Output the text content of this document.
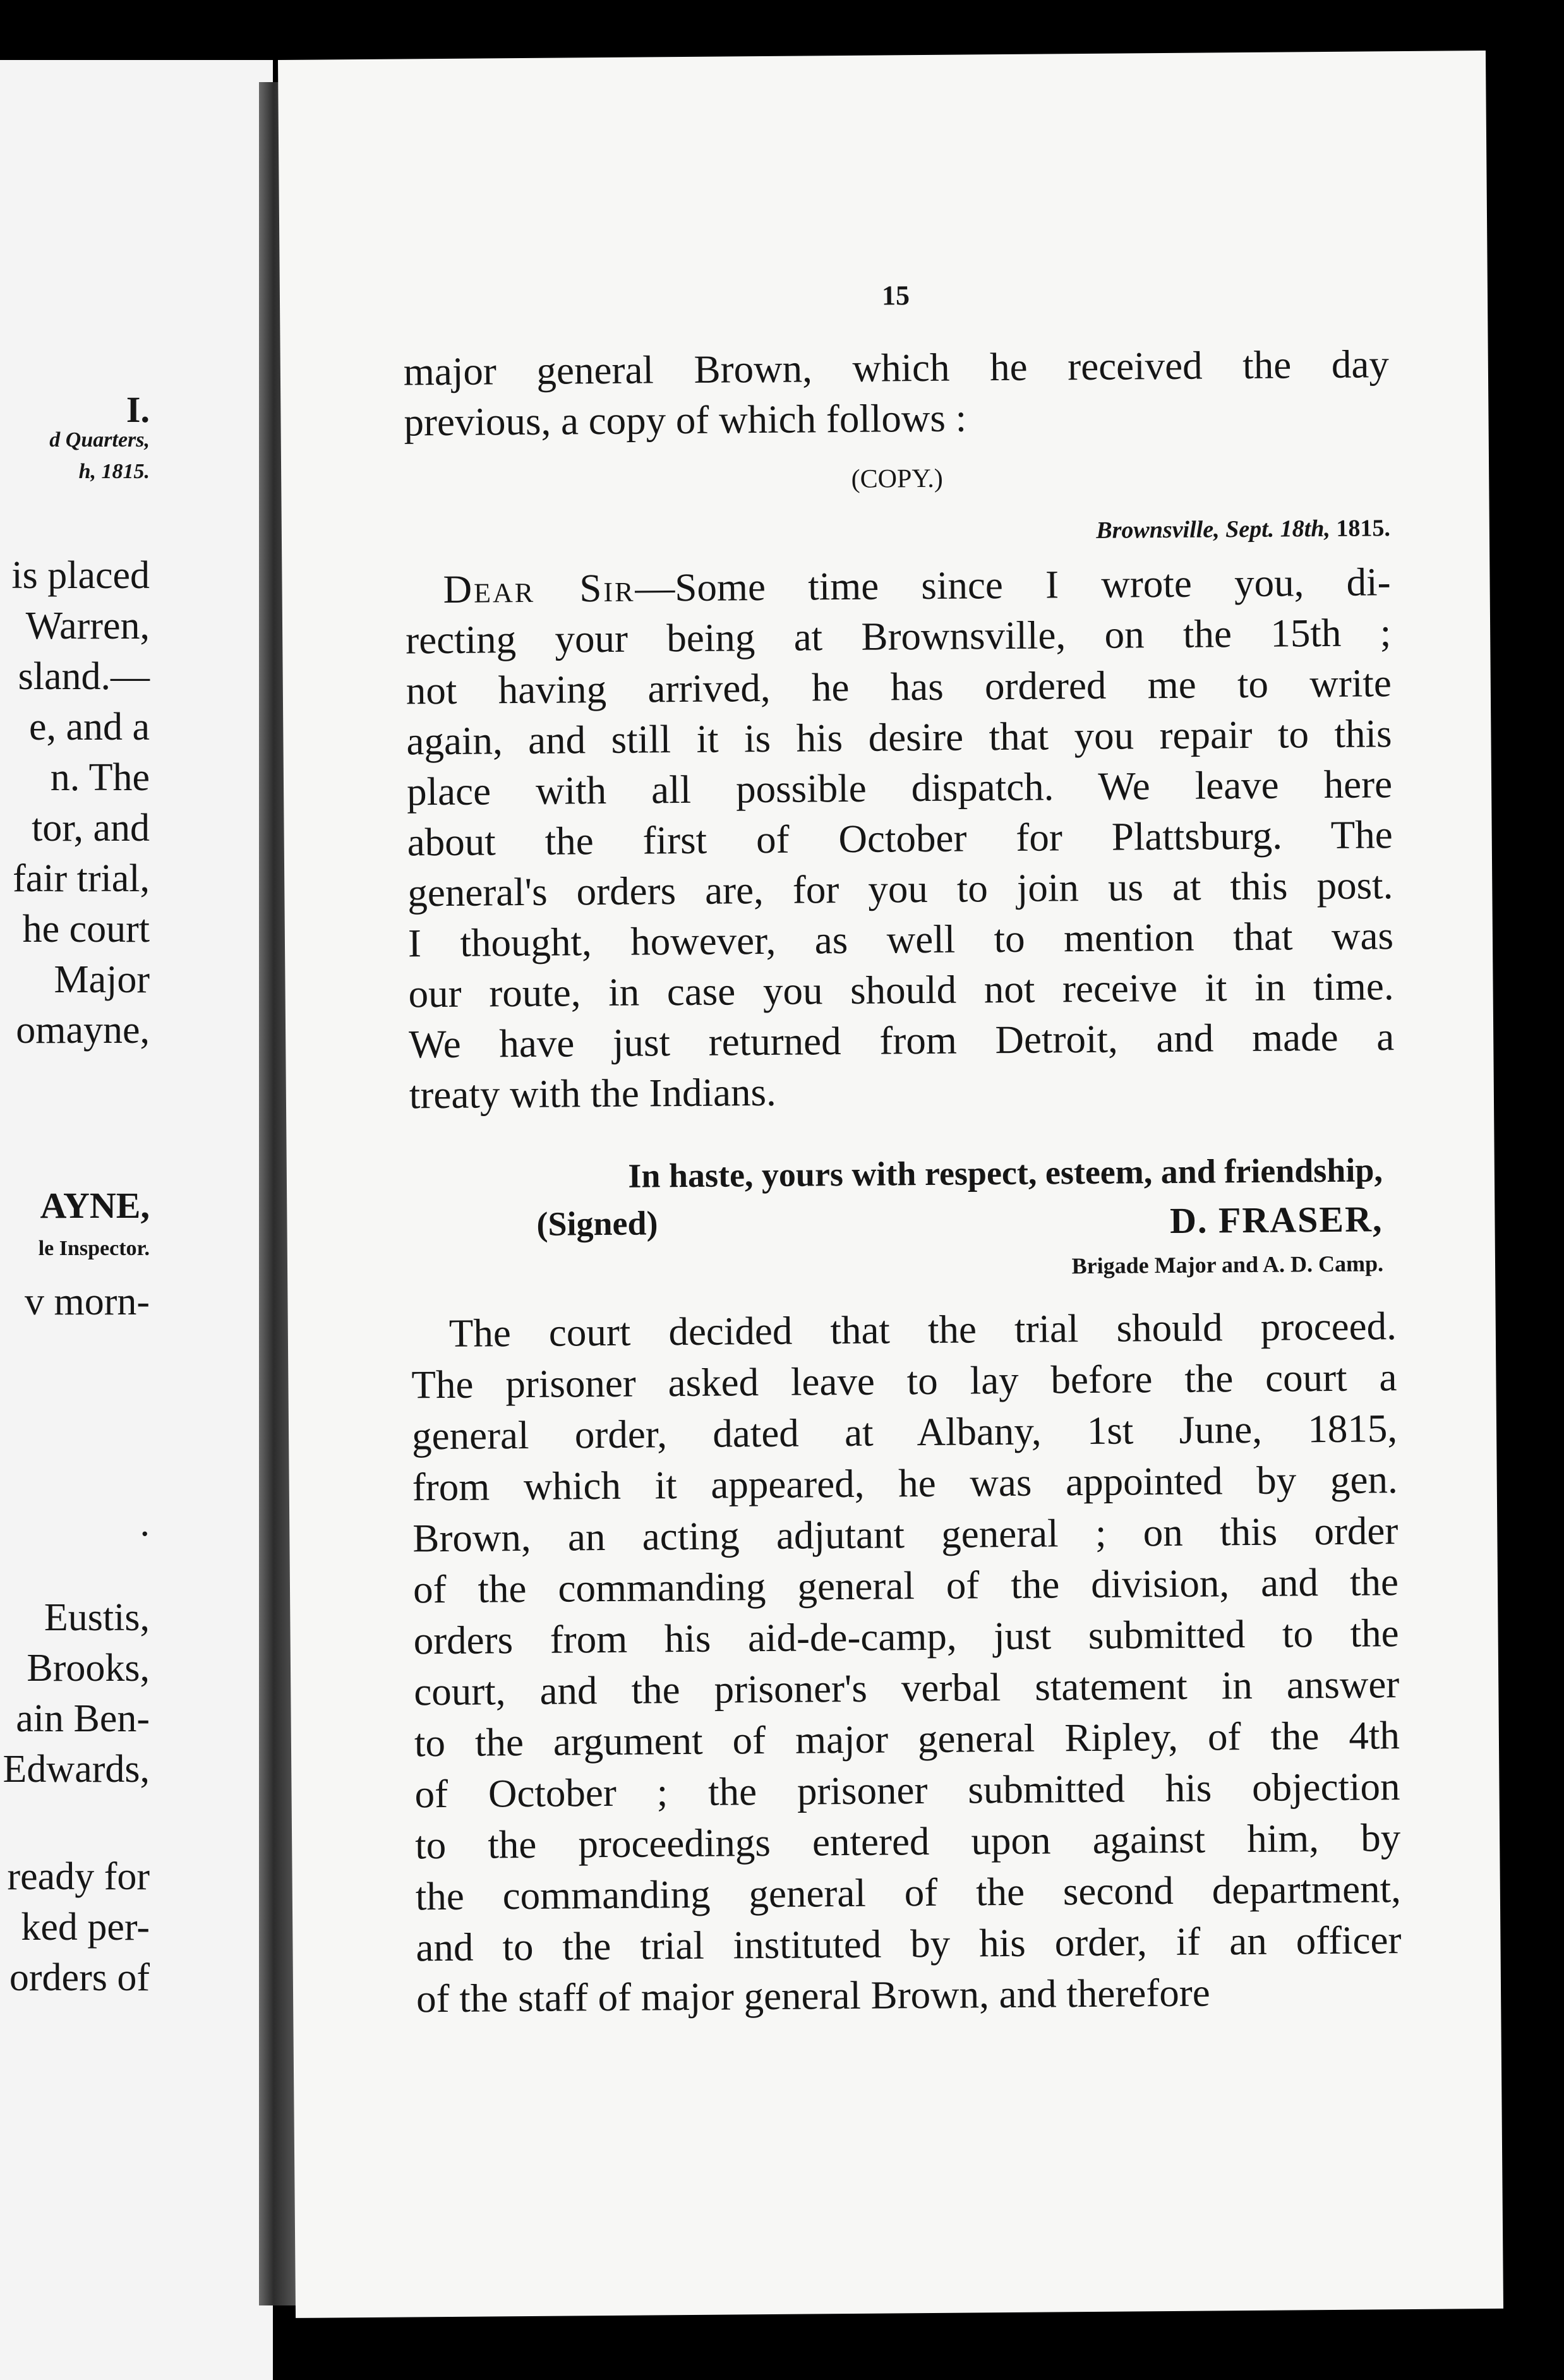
I.
d Quarters,
h, 1815.
is placed
Warren,
sland.—
e, and a
n. The
tor, and
fair trial,
he court
Major
omayne,
AYNE,
le Inspector.
v morn-
.
Eustis,
Brooks,
ain Ben-
Edwards,
ready for
ked per-
orders of
15
major general Brown, which he received the day
previous, a copy of which follows :
(COPY.)
Brownsville, Sept. 18th, 1815.
Dear Sir—Some time since I wrote you, di-
recting your being at Brownsville, on the 15th ;
not having arrived, he has ordered me to write
again, and still it is his desire that you repair to this
place with all possible dispatch. We leave here
about the first of October for Plattsburg. The
general's orders are, for you to join us at this post.
I thought, however, as well to mention that was
our route, in case you should not receive it in time.
We have just returned from Detroit, and made a
treaty with the Indians.
In haste, yours with respect, esteem, and friendship,
(Signed)	D. FRASER,
Brigade Major and A. D. Camp.
The court decided that the trial should proceed.
The prisoner asked leave to lay before the court a
general order, dated at Albany, 1st June, 1815,
from which it appeared, he was appointed by gen.
Brown, an acting adjutant general ; on this order
of the commanding general of the division, and the
orders from his aid-de-camp, just submitted to the
court, and the prisoner's verbal statement in answer
to the argument of major general Ripley, of the 4th
of October ; the prisoner submitted his objection
to the proceedings entered upon against him, by
the commanding general of the second department,
and to the trial instituted by his order, if an officer
of the staff of major general Brown, and therefore
